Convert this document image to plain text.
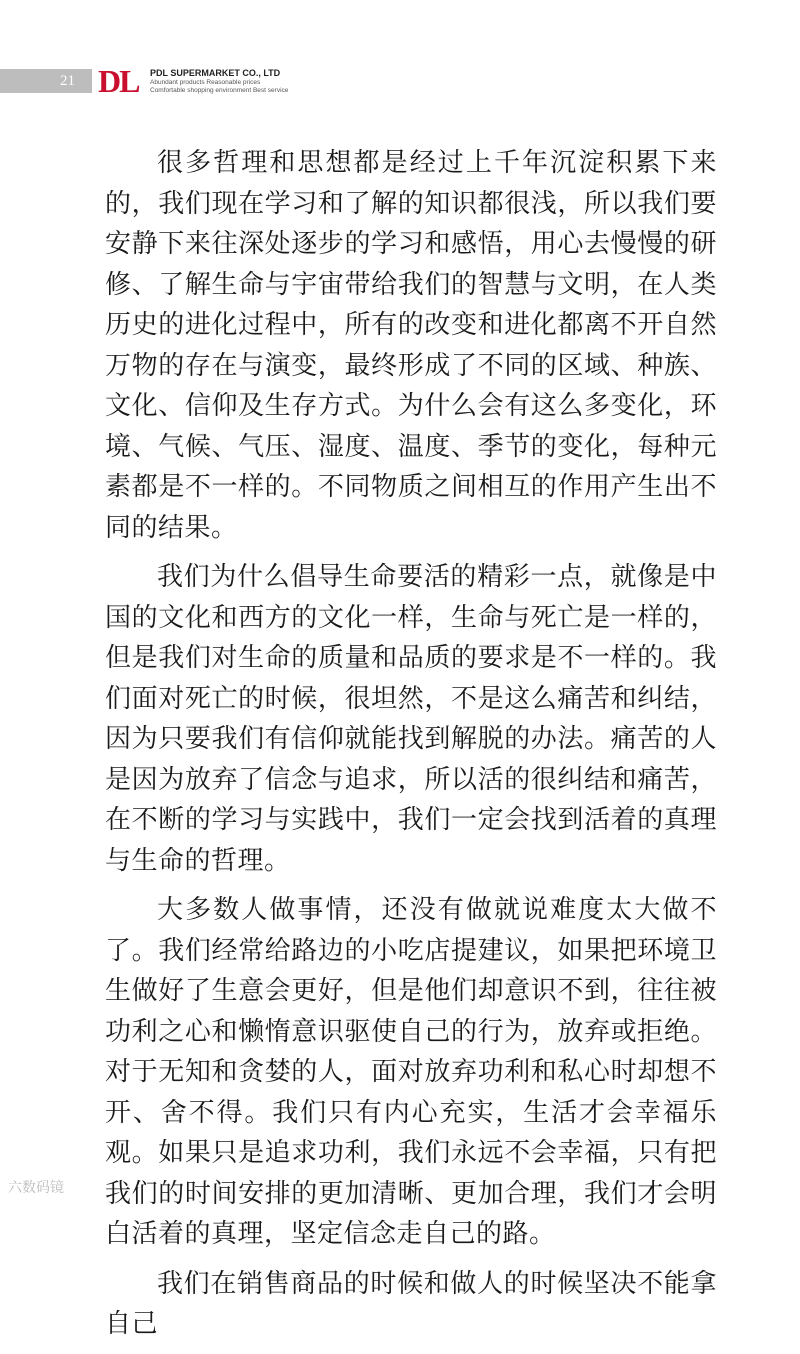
21 DL PDL SUPERMARKET CO., LTD
Abundant products Reasonable prices
Comfortable shopping environment Best service

很多哲理和思想都是经过上千年沉淀积累下来的，我们现在学习和了解的知识都很浅，所以我们要安静下来往深处逐步的学习和感悟，用心去慢慢的研修、了解生命与宇宙带给我们的智慧与文明，在人类历史的进化过程中，所有的改变和进化都离不开自然万物的存在与演变，最终形成了不同的区域、种族、文化、信仰及生存方式。为什么会有这么多变化，环境、气候、气压、湿度、温度、季节的变化，每种元素都是不一样的。不同物质之间相互的作用产生出不同的结果。

我们为什么倡导生命要活的精彩一点，就像是中国的文化和西方的文化一样，生命与死亡是一样的，但是我们对生命的质量和品质的要求是不一样的。我们面对死亡的时候，很坦然，不是这么痛苦和纠结，因为只要我们有信仰就能找到解脱的办法。痛苦的人是因为放弃了信念与追求，所以活的很纠结和痛苦，在不断的学习与实践中，我们一定会找到活着的真理与生命的哲理。

大多数人做事情，还没有做就说难度太大做不了。我们经常给路边的小吃店提建议，如果把环境卫生做好了生意会更好，但是他们却意识不到，往往被功利之心和懒惰意识驱使自己的行为，放弃或拒绝。对于无知和贪婪的人，面对放弃功利和私心时却想不开、舍不得。我们只有内心充实，生活才会幸福乐观。如果只是追求功利，我们永远不会幸福，只有把我们的时间安排的更加清晰、更加合理，我们才会明白活着的真理，坚定信念走自己的路。

我们在销售商品的时候和做人的时候坚决不能拿自己

六数码镜
